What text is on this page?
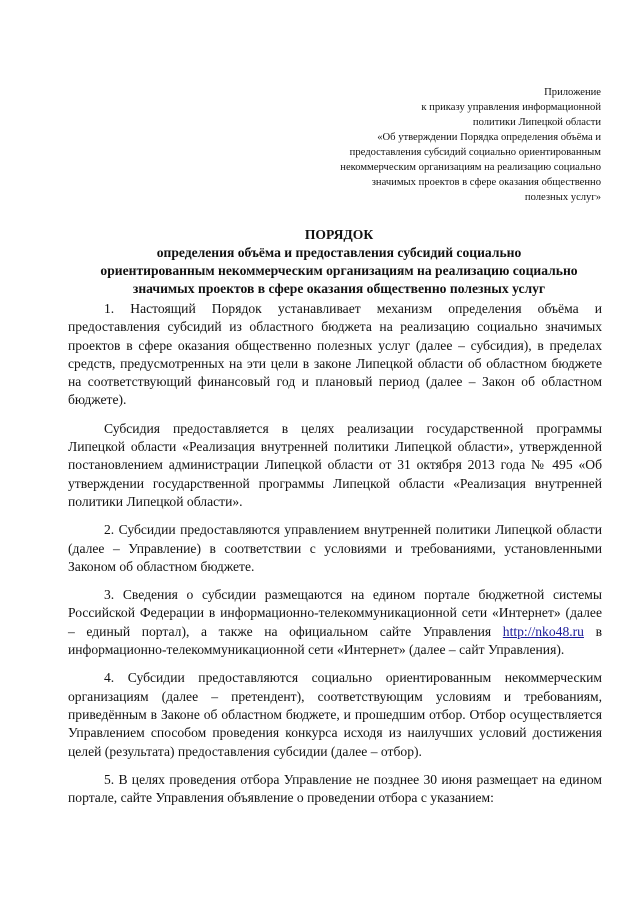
Приложение
к приказу управления информационной
политики Липецкой области
«Об утверждении Порядка определения объёма и
предоставления субсидий социально ориентированным
некоммерческим организациям на реализацию социально
значимых проектов в сфере оказания общественно
полезных услуг»
ПОРЯДОК
определения объёма и предоставления субсидий социально
ориентированным некоммерческим организациям на реализацию социально
значимых проектов в сфере оказания общественно полезных услуг

1. Настоящий Порядок устанавливает механизм определения объёма и предоставления субсидий из областного бюджета на реализацию социально значимых проектов в сфере оказания общественно полезных услуг (далее – субсидия), в пределах средств, предусмотренных на эти цели в законе Липецкой области об областном бюджете на соответствующий финансовый год и плановый период (далее – Закон об областном бюджете).

Субсидия предоставляется в целях реализации государственной программы Липецкой области «Реализация внутренней политики Липецкой области», утвержденной постановлением администрации Липецкой области от 31 октября 2013 года № 495 «Об утверждении государственной программы Липецкой области «Реализация внутренней политики Липецкой области».

2. Субсидии предоставляются управлением внутренней политики Липецкой области (далее – Управление) в соответствии с условиями и требованиями, установленными Законом об областном бюджете.

3. Сведения о субсидии размещаются на едином портале бюджетной системы Российской Федерации в информационно-телекоммуникационной сети «Интернет» (далее – единый портал), а также на официальном сайте Управления http://nko48.ru в информационно-телекоммуникационной сети «Интернет» (далее – сайт Управления).

4. Субсидии предоставляются социально ориентированным некоммерческим организациям (далее – претендент), соответствующим условиям и требованиям, приведённым в Законе об областном бюджете, и прошедшим отбор. Отбор осуществляется Управлением способом проведения конкурса исходя из наилучших условий достижения целей (результата) предоставления субсидии (далее – отбор).

5. В целях проведения отбора Управление не позднее 30 июня размещает на едином портале, сайте Управления объявление о проведении отбора с указанием:
